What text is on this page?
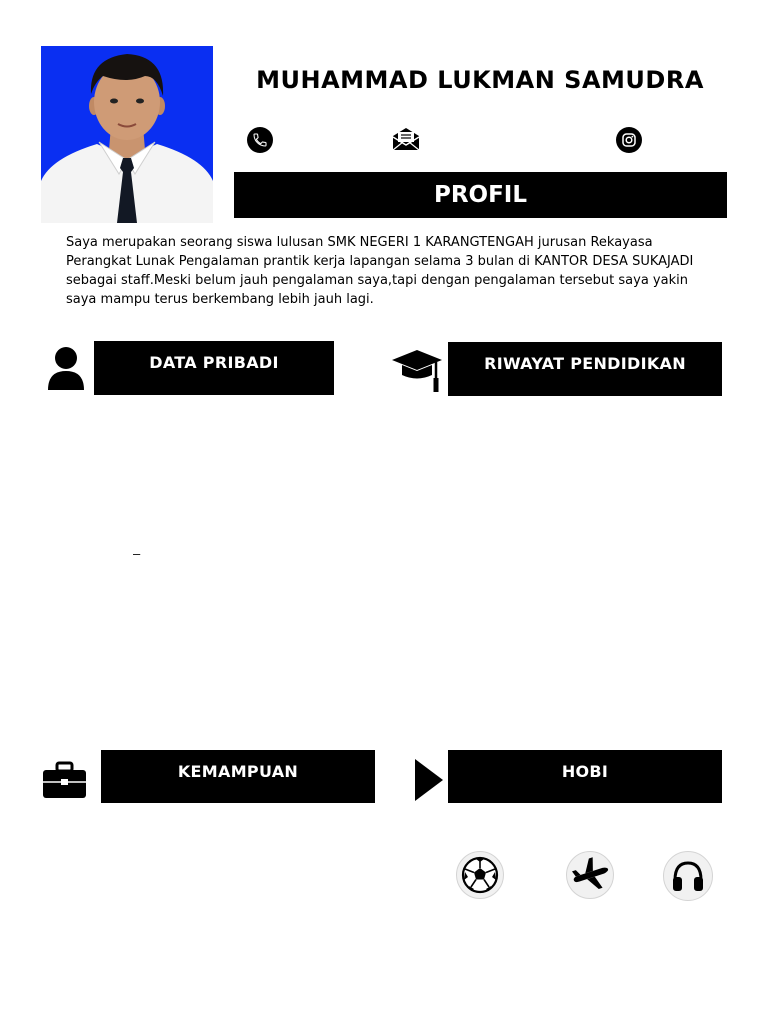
MUHAMMAD LUKMAN SAMUDRA
PROFIL
Saya merupakan seorang siswa lulusan SMK NEGERI 1 KARANGTENGAH jurusan Rekayasa Perangkat Lunak Pengalaman prantik kerja lapangan selama 3 bulan di KANTOR DESA SUKAJADI sebagai staff.Meski belum jauh pengalaman saya,tapi dengan pengalaman tersebut saya yakin saya mampu terus berkembang lebih jauh lagi.
DATA PRIBADI
–
RIWAYAT PENDIDIKAN
KEMAMPUAN	HOBI
